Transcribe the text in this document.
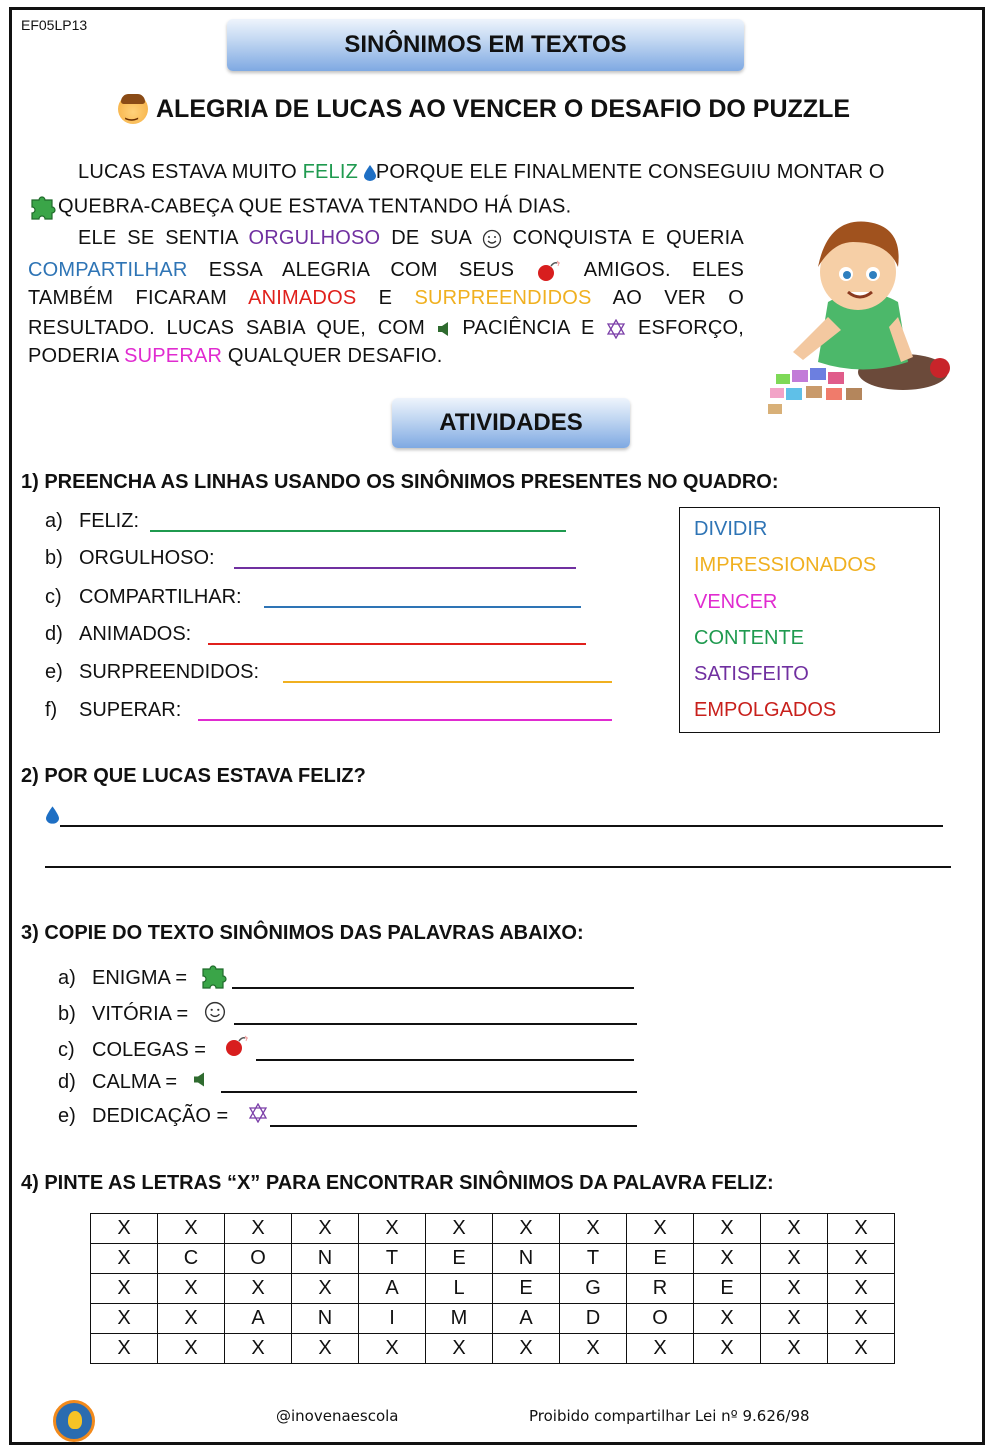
EF05LP13
SINÔNIMOS EM TEXTOS
‿
ALEGRIA DE LUCAS AO VENCER O DESAFIO DO PUZZLE
LUCAS ESTAVA MUITO FELIZ PORQUE ELE FINALMENTE CONSEGUIU MONTAR O
QUEBRA-CABEÇA QUE ESTAVA TENTANDO HÁ DIAS.
ELE SE SENTIA ORGULHOSO DE SUA  CONQUISTA E QUERIA
COMPARTILHAR ESSA ALEGRIA COM SEUS  AMIGOS. ELES
TAMBÉM FICARAM ANIMADOS E SURPREENDIDOS AO VER O
RESULTADO. LUCAS SABIA QUE, COM  PACIÊNCIA E  ESFORÇO,
PODERIA SUPERAR QUALQUER DESAFIO.
ATIVIDADES
1) PREENCHA AS LINHAS USANDO OS SINÔNIMOS PRESENTES NO QUADRO:
a) FELIZ:
b) ORGULHOSO:
c) COMPARTILHAR:
d) ANIMADOS:
e) SURPREENDIDOS:
f)	SUPERAR:
DIVIDIR
IMPRESSIONADOS
VENCER
CONTENTE
SATISFEITO
EMPOLGADOS
2) POR QUE LUCAS ESTAVA FELIZ?
3) COPIE DO TEXTO SINÔNIMOS DAS PALAVRAS ABAIXO:
a) ENIGMA =
b) VITÓRIA =
c) COLEGAS =
d) CALMA =
e) DEDICAÇÃO =
4) PINTE AS LETRAS “X” PARA ENCONTRAR SINÔNIMOS DA PALAVRA FELIZ:
X	X	X	X	X	X	X	X	X	X	X	X
X	C	O	N	T	E	N	T	E	X	X	X
X	X	X	X	A	L	E	G	R	E	X	X
X	X	A	N	I	M	A	D	O	X	X	X
X	X	X	X	X	X	X	X	X	X	X	X
@inovenaescola	Proibido compartilhar Lei nº 9.626/98
